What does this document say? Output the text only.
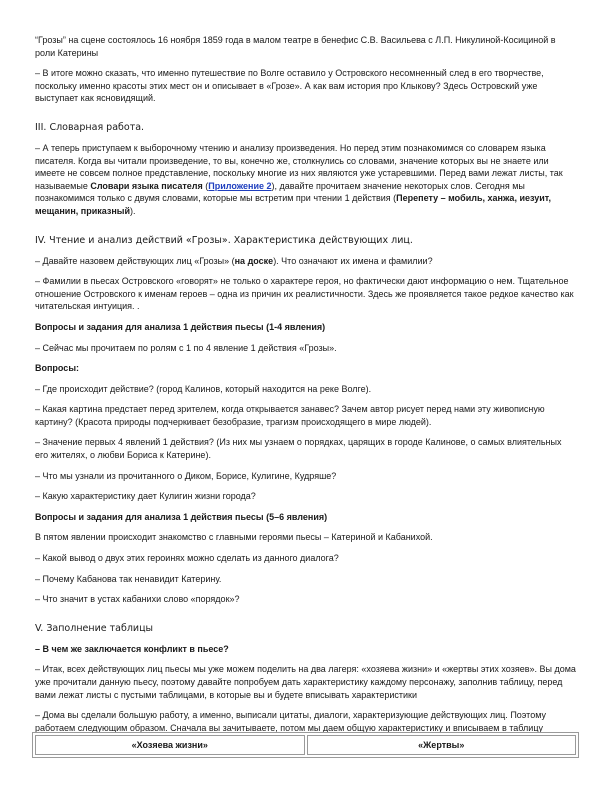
“Грозы” на сцене состоялось 16 ноября 1859 года в малом театре в бенефис С.В. Васильева с Л.П. Никулиной-Косициной в роли Катерины

– В итоге можно сказать, что именно путешествие по Волге оставило у Островского несомненный след в его творчестве, поскольку именно красоты этих мест он и описывает в «Грозе». А как вам история про Клыкову? Здесь Островский уже выступает как ясновидящий.

III. Словарная работа.

– А теперь приступаем к выборочному чтению и анализу произведения. Но перед этим познакомимся со словарем языка писателя. Когда вы читали произведение, то вы, конечно же, столкнулись со словами, значение которых вы не знаете или имеете не совсем полное представление, поскольку многие из них являются уже устаревшими. Перед вами лежат листы, так называемые Словари языка писателя (Приложение 2), давайте прочитаем значение некоторых слов. Сегодня мы познакомимся только с двумя словами, которые мы встретим при чтении 1 действия (Перепету – мобиль, ханжа, иезуит, мещанин, приказный).

IV. Чтение и анализ действий «Грозы». Характеристика действующих лиц.

– Давайте назовем действующих лиц «Грозы» (на доске). Что означают их имена и фамилии?

– Фамилии в пьесах Островского «говорят» не только о характере героя, но фактически дают информацию о нем. Тщательное отношение Островского к именам героев – одна из причин их реалистичности. Здесь же проявляется такое редкое качество как читательская интуиция. .

Вопросы и задания для анализа 1 действия пьесы (1-4 явления)

– Сейчас мы прочитаем по ролям с 1 по 4 явление 1 действия «Грозы».

Вопросы:

– Где происходит действие? (город Калинов, который находится на реке Волге).

– Какая картина предстает перед зрителем, когда открывается занавес? Зачем автор рисует перед нами эту живописную картину? (Красота природы подчеркивает безобразие, трагизм происходящего в мире людей).

– Значение первых 4 явлений 1 действия? (Из них мы узнаем о порядках, царящих в городе Калинове, о самых влиятельных его жителях, о любви Бориса к Катерине).

– Что мы узнали из прочитанного о Диком, Борисе, Кулигине, Кудряше?

– Какую характеристику дает Кулигин жизни города?

Вопросы и задания для анализа 1 действия пьесы (5–6 явления)

В пятом явлении происходит знакомство с главными героями пьесы – Катериной и Кабанихой.

– Какой вывод о двух этих героинях можно сделать из данного диалога?

– Почему Кабанова так ненавидит Катерину.

– Что значит в устах кабанихи слово «порядок»?

V. Заполнение таблицы

– В чем же заключается конфликт в пьесе?

– Итак, всех действующих лиц пьесы мы уже можем поделить на два лагеря: «хозяева жизни» и «жертвы этих хозяев». Вы дома уже прочитали данную пьесу, поэтому давайте попробуем дать характеристику каждому персонажу, заполнив таблицу, перед вами лежат листы с пустыми таблицами, в которые вы и будете вписывать характеристики

– Дома вы сделали большую работу, а именно, выписали цитаты, диалоги, характеризующие действующих лиц. Поэтому работаем следующим образом. Сначала вы зачитываете, потом мы даем общую характеристику и вписываем в таблицу

«Хозяева жизни»	«Жертвы»
